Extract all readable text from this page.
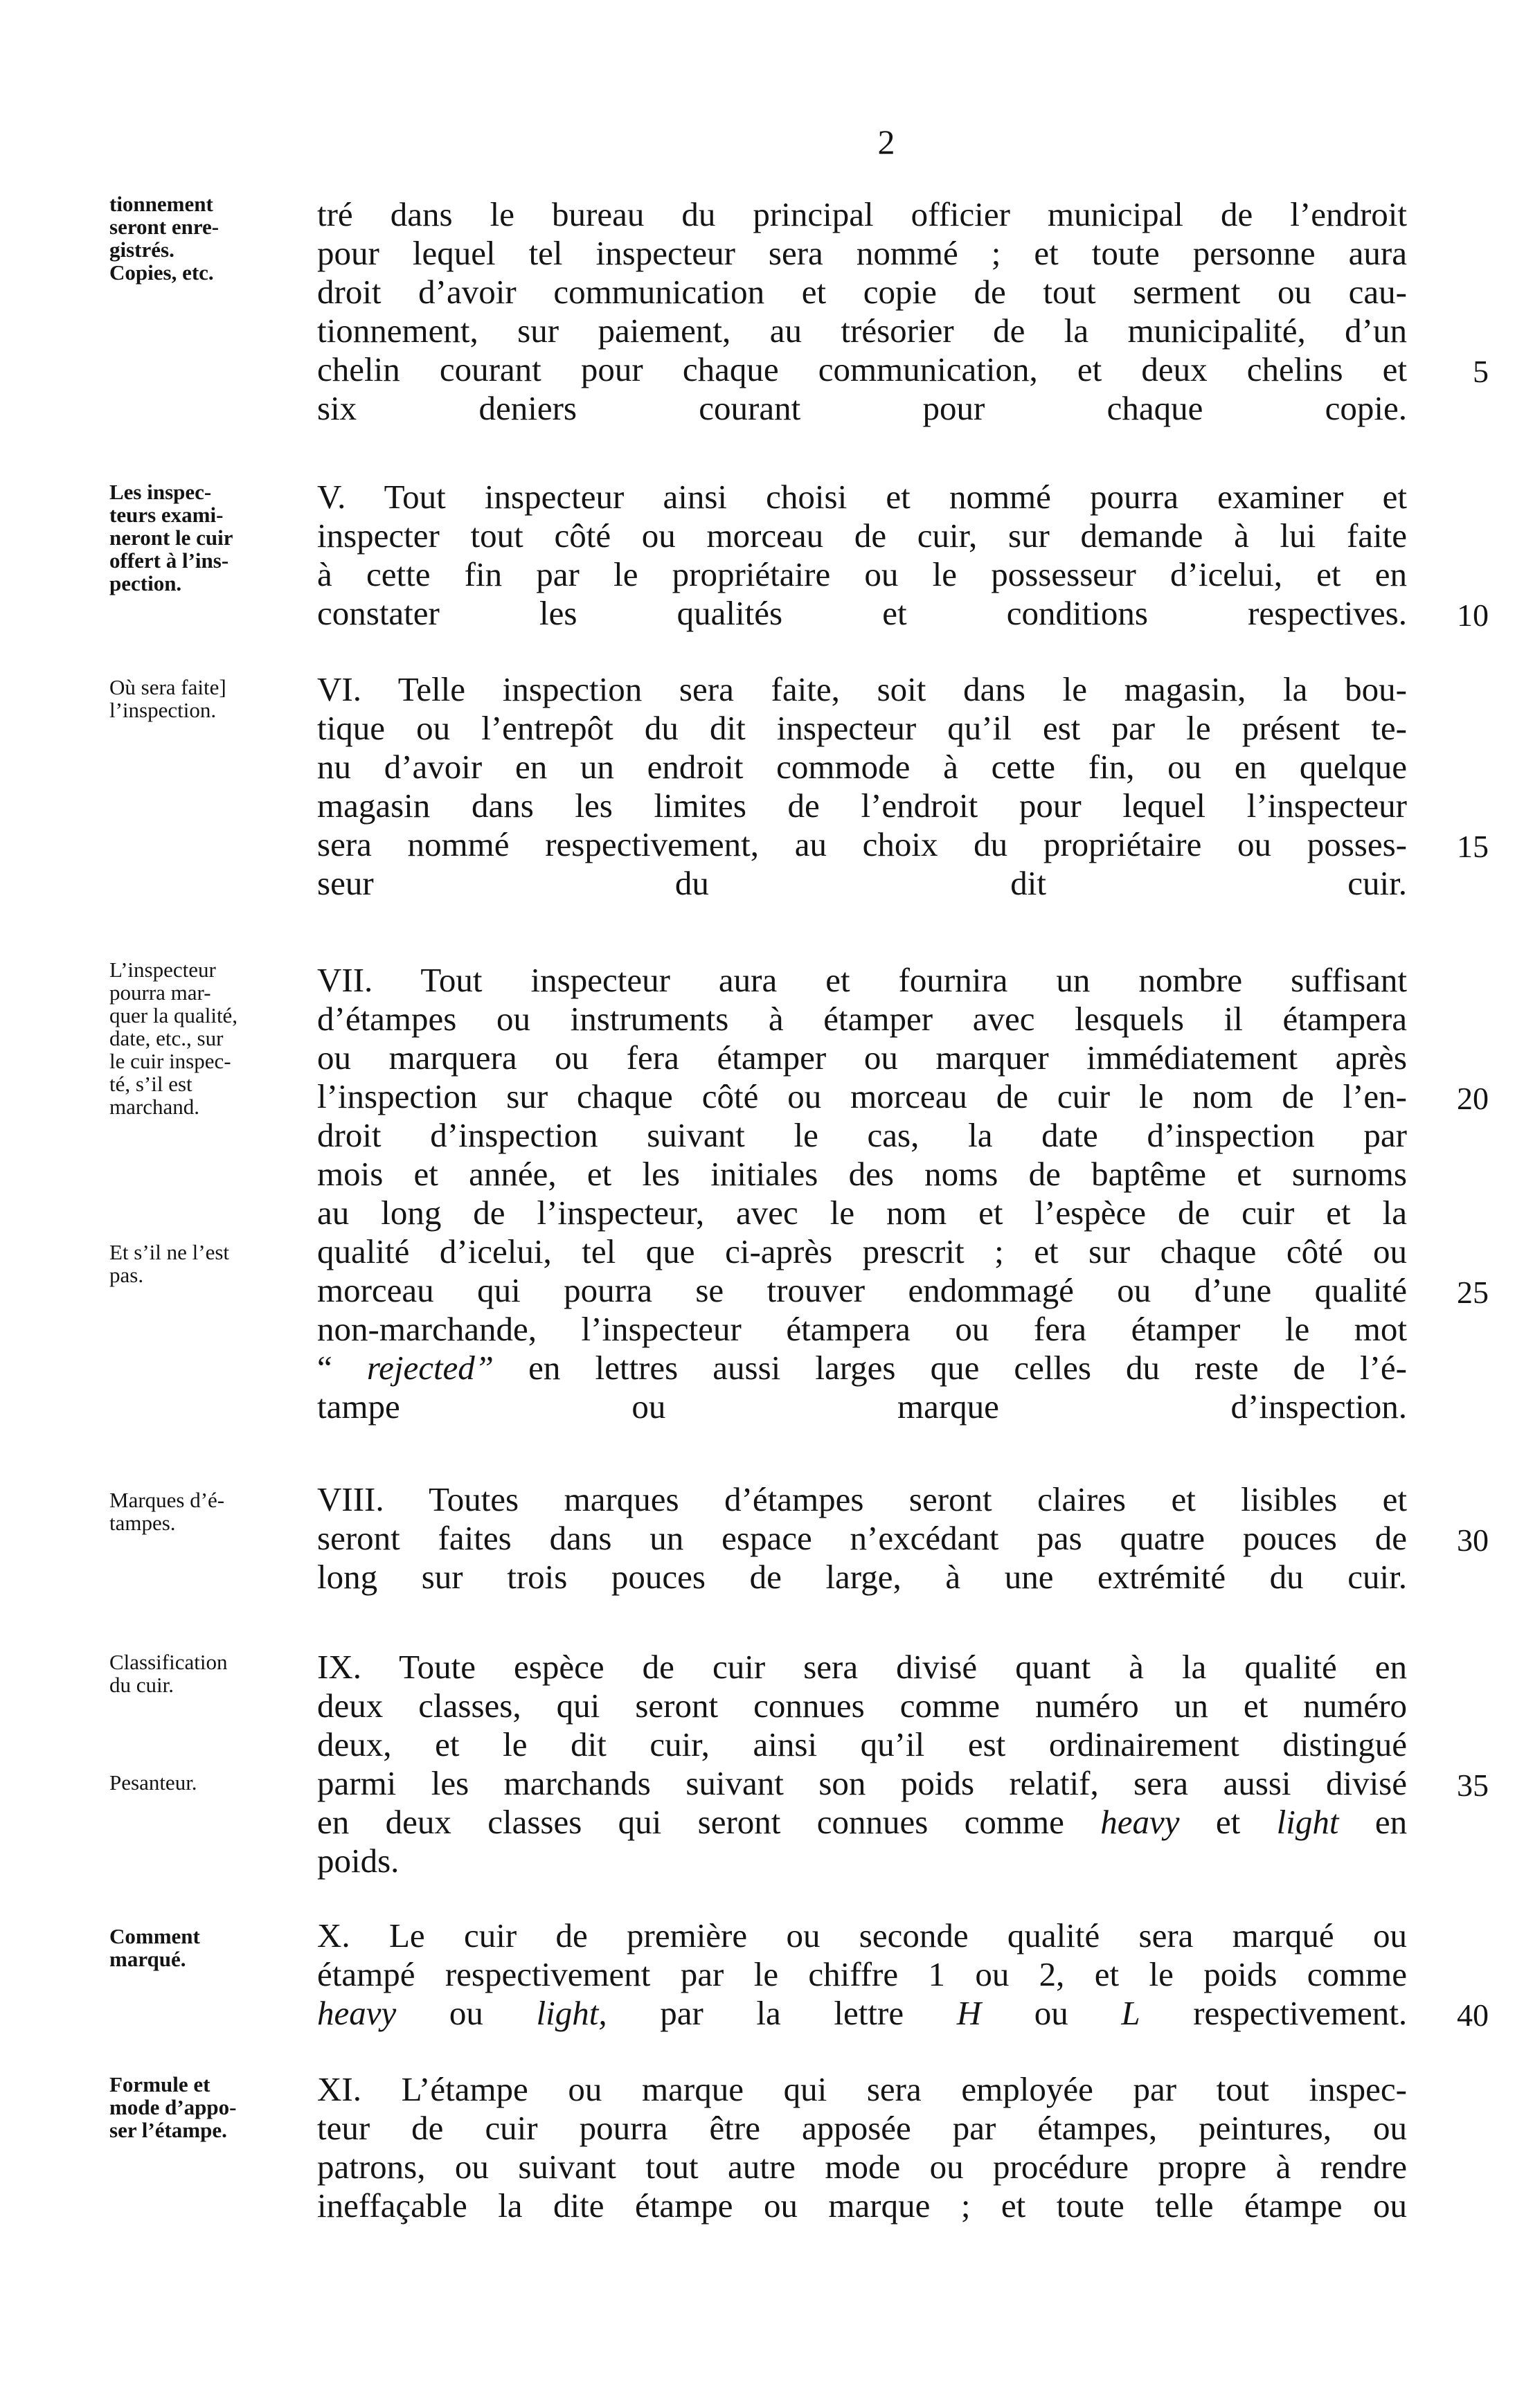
2
tionnement
seront enre-
gistrés.
Copies, etc.
5
tré dans le bureau du principal officier municipal de l’endroit
pour lequel tel inspecteur sera nommé ; et toute personne aura
droit d’avoir communication et copie de tout serment ou cau-
tionnement, sur paiement, au trésorier de la municipalité, d’un
chelin courant pour chaque communication, et deux chelins et
six deniers courant pour chaque copie.
Les inspec-
teurs exami-
neront le cuir
offert à l’ins-
pection.
10
V. Tout inspecteur ainsi choisi et nommé pourra examiner et
inspecter tout côté ou morceau de cuir, sur demande à lui faite
à cette fin par le propriétaire ou le possesseur d’icelui, et en
constater les qualités et conditions respectives.
Où sera faite]
l’inspection.
15
VI. Telle inspection sera faite, soit dans le magasin, la bou-
tique ou l’entrepôt du dit inspecteur qu’il est par le présent te-
nu d’avoir en un endroit commode à cette fin, ou en quelque
magasin dans les limites de l’endroit pour lequel l’inspecteur
sera nommé respectivement, au choix du propriétaire ou posses-
seur du dit cuir.
L’inspecteur
pourra mar-
quer la qualité,
date, etc., sur
le cuir inspec-
té, s’il est
marchand.
Et s’il ne l’est
pas.
20
25
VII. Tout inspecteur aura et fournira un nombre suffisant
d’étampes ou instruments à étamper avec lesquels il étampera
ou marquera ou fera étamper ou marquer immédiatement après
l’inspection sur chaque côté ou morceau de cuir le nom de l’en-
droit d’inspection suivant le cas, la date d’inspection par
mois et année, et les initiales des noms de baptême et surnoms
au long de l’inspecteur, avec le nom et l’espèce de cuir et la
qualité d’icelui, tel que ci-après prescrit ; et sur chaque côté ou
morceau qui pourra se trouver endommagé ou d’une qualité
non-marchande, l’inspecteur étampera ou fera étamper le mot
“ rejected” en lettres aussi larges que celles du reste de l’é-
tampe ou marque d’inspection.
Marques d’é-
tampes.	30
VIII. Toutes marques d’étampes seront claires et lisibles et
seront faites dans un espace n’excédant pas quatre pouces de
long sur trois pouces de large, à une extrémité du cuir.
Classification
du cuir.
Pesanteur.	35
IX. Toute espèce de cuir sera divisé quant à la qualité en
deux classes, qui seront connues comme numéro un et numéro
deux, et le dit cuir, ainsi qu’il est ordinairement distingué
parmi les marchands suivant son poids relatif, sera aussi divisé
en deux classes qui seront connues comme heavy et light en
poids.
Comment
marqué.
40
X. Le cuir de première ou seconde qualité sera marqué ou
étampé respectivement par le chiffre 1 ou 2, et le poids comme
heavy ou light, par la lettre H ou L respectivement.
Formule et
mode d’appo-
ser l’étampe.
XI. L’étampe ou marque qui sera employée par tout inspec-
teur de cuir pourra être apposée par étampes, peintures, ou
patrons, ou suivant tout autre mode ou procédure propre à rendre
ineffaçable la dite étampe ou marque ; et toute telle étampe ou
